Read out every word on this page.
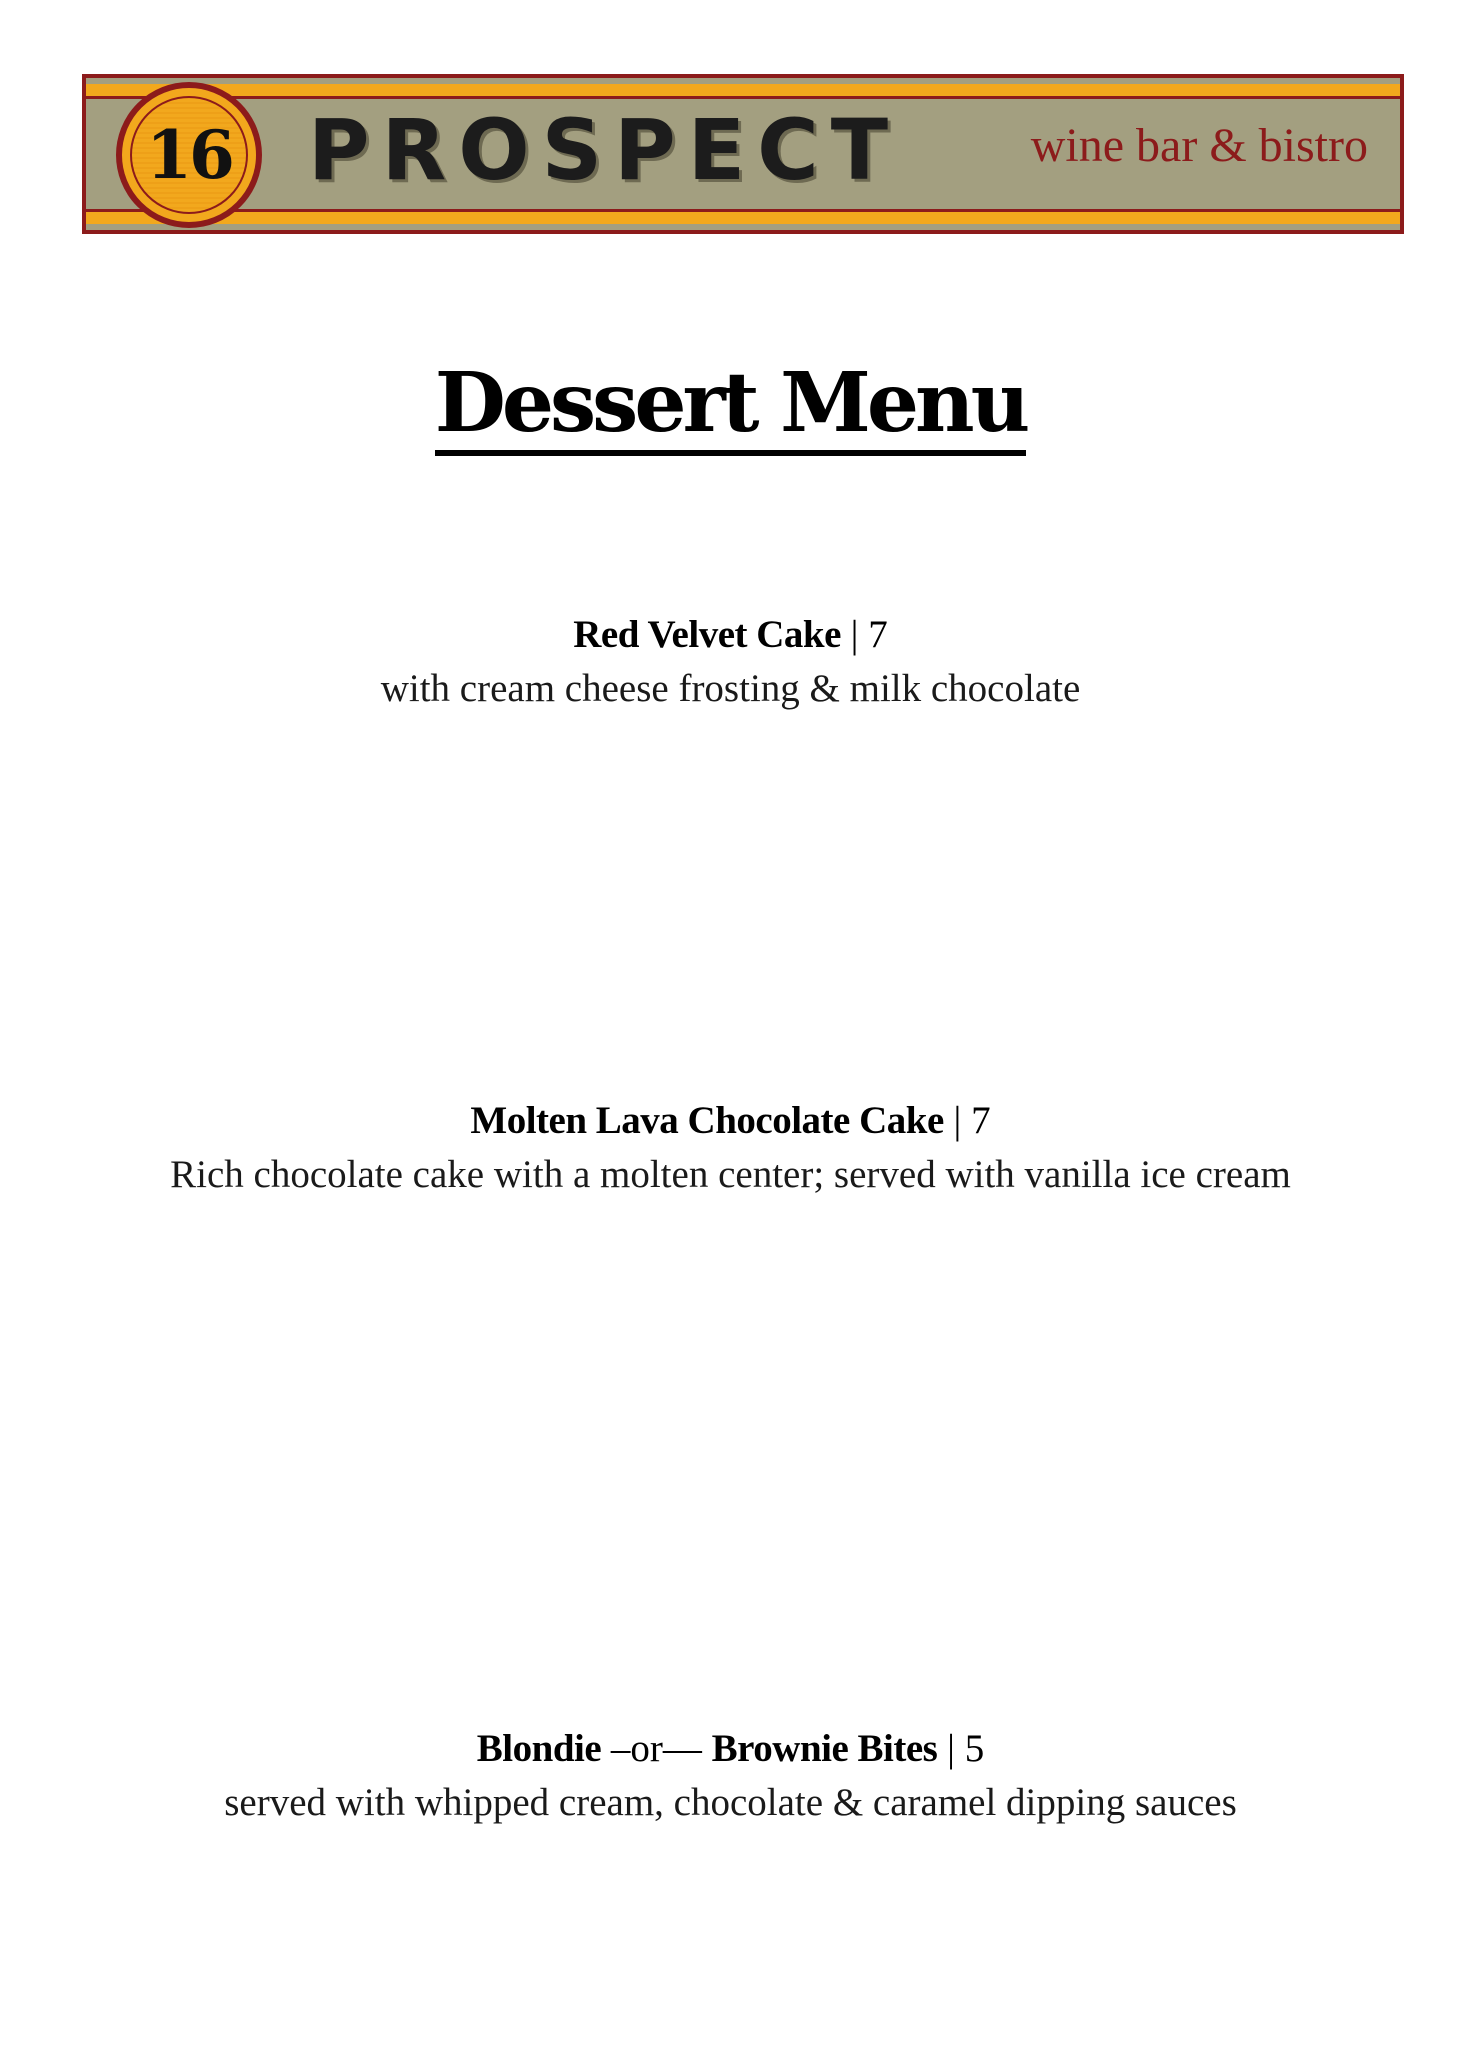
16 PROSPECT	wine bar & bistro
Dessert Menu
Red Velvet Cake | 7
with cream cheese frosting & milk chocolate
Molten Lava Chocolate Cake | 7
Rich chocolate cake with a molten center; served with vanilla ice cream
Blondie –or— Brownie Bites | 5
served with whipped cream, chocolate & caramel dipping sauces
